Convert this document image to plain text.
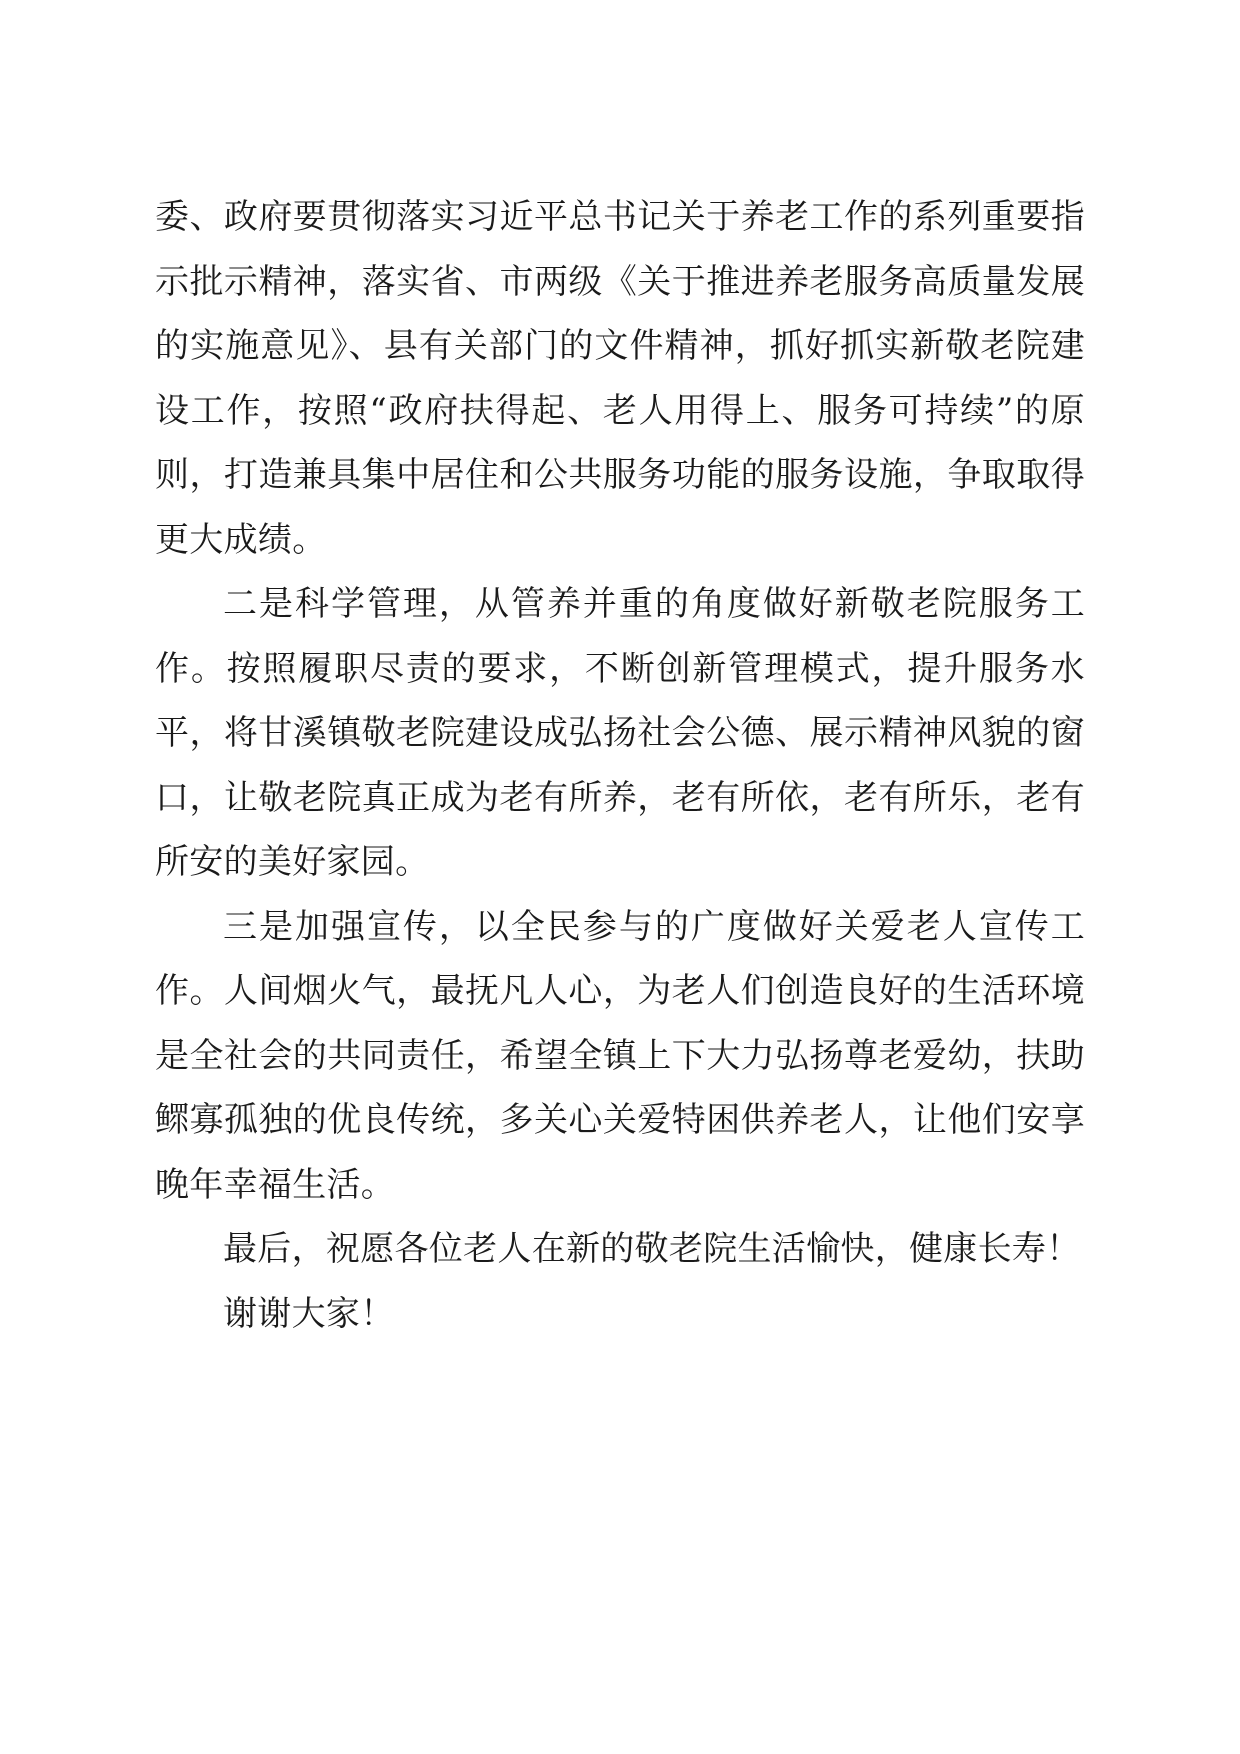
委、政府要贯彻落实习近平总书记关于养老工作的系列重要指示批示精神，落实省、市两级《关于推进养老服务高质量发展的实施意见》、县有关部门的文件精神，抓好抓实新敬老院建设工作，按照“政府扶得起、老人用得上、服务可持续”的原则，打造兼具集中居住和公共服务功能的服务设施，争取取得更大成绩。

二是科学管理，从管养并重的角度做好新敬老院服务工作。按照履职尽责的要求，不断创新管理模式，提升服务水平，将甘溪镇敬老院建设成弘扬社会公德、展示精神风貌的窗口，让敬老院真正成为老有所养，老有所依，老有所乐，老有所安的美好家园。

三是加强宣传，以全民参与的广度做好关爱老人宣传工作。人间烟火气，最抚凡人心，为老人们创造良好的生活环境是全社会的共同责任，希望全镇上下大力弘扬尊老爱幼，扶助鳏寡孤独的优良传统，多关心关爱特困供养老人，让他们安享晚年幸福生活。

最后，祝愿各位老人在新的敬老院生活愉快，健康长寿！

谢谢大家！
